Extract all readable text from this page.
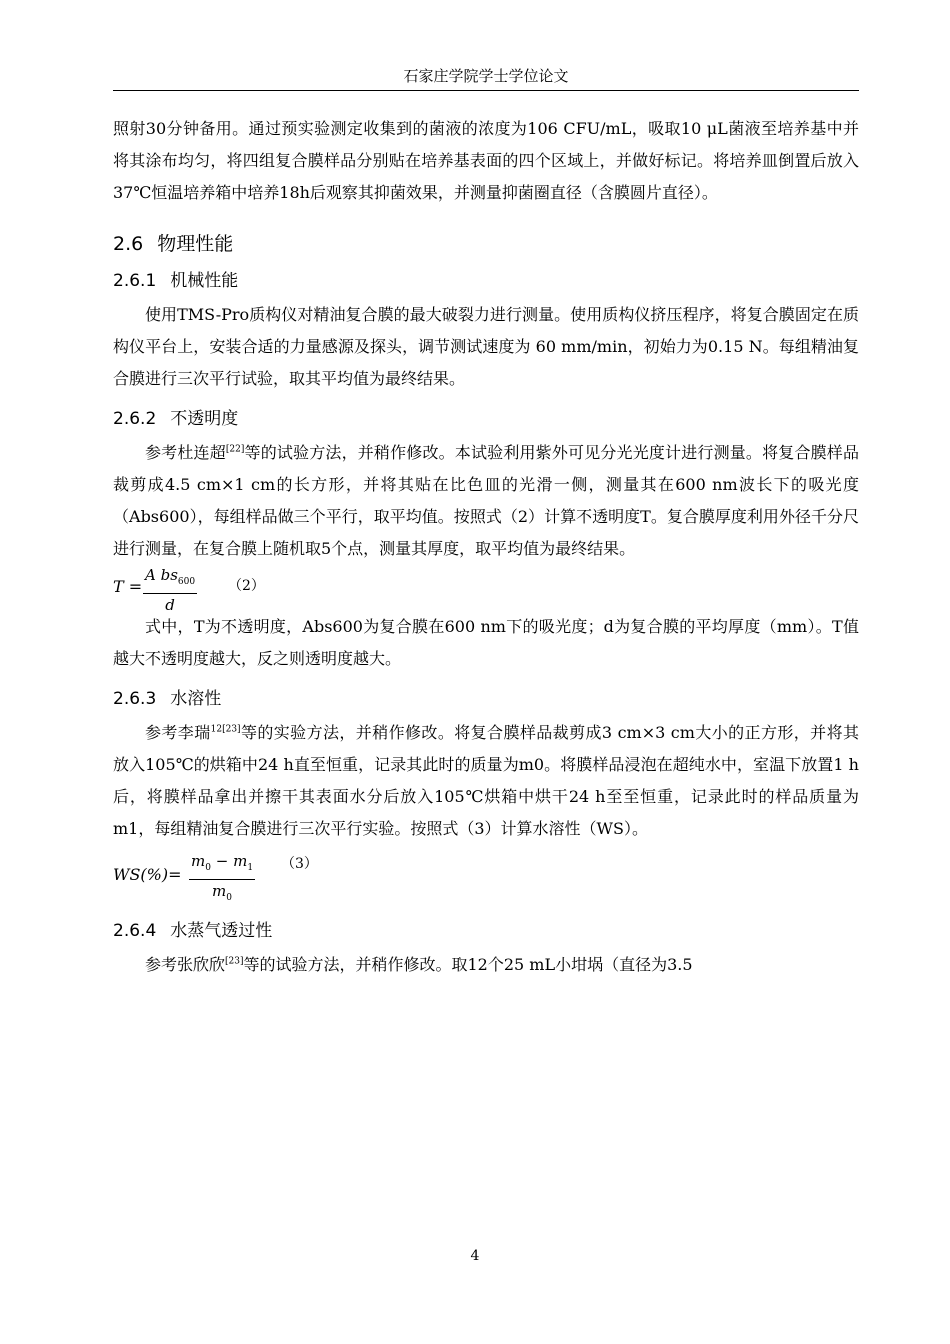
石家庄学院学士学位论文

照射30分钟备用。通过预实验测定收集到的菌液的浓度为106 CFU/mL，吸取10 μL菌液至培养基中并将其涂布均匀，将四组复合膜样品分别贴在培养基表面的四个区域上，并做好标记。将培养皿倒置后放入37℃恒温培养箱中培养18h后观察其抑菌效果，并测量抑菌圈直径（含膜圆片直径）。

2.6 物理性能
2.6.1 机械性能

使用TMS-Pro质构仪对精油复合膜的最大破裂力进行测量。使用质构仪挤压程序，将复合膜固定在质构仪平台上，安装合适的力量感源及探头，调节测试速度为 60 mm/min，初始力为0.15 N。每组精油复合膜进行三次平行试验，取其平均值为最终结果。

2.6.2 不透明度

参考杜连超[22]等的试验方法，并稍作修改。本试验利用紫外可见分光光度计进行测量。将复合膜样品裁剪成4.5 cm×1 cm的长方形，并将其贴在比色皿的光滑一侧，测量其在600 nm波长下的吸光度（Abs600），每组样品做三个平行，取平均值。按照式（2）计算不透明度T。复合膜厚度利用外径千分尺进行测量，在复合膜上随机取5个点，测量其厚度，取平均值为最终结果。

$T = \frac{A bs_{600}}{d} (2)$

式中，T为不透明度，Abs600为复合膜在600 nm下的吸光度；d为复合膜的平均厚度（mm）。T值越大不透明度越大，反之则透明度越大。

2.6.3 水溶性

参考李瑞$^{12[23]}$等的实验方法，并稍作修改。将复合膜样品裁剪成3 cm×3 cm大小的正方形，并将其放入105℃的烘箱中24 h直至恒重，记录其此时的质量为m0。将膜样品浸泡在超纯水中，室温下放置1 h后，将膜样品拿出并擦干其表面水分后放入105℃烘箱中烘干24 h至至恒重，记录此时的样品质量为m1，每组精油复合膜进行三次平行实验。按照式（3）计算水溶性（WS）。

$WS(\%)= \frac{m_0 - m_1}{m_0} (3)$
2.6.4 水蒸气透过性

参考张欣欣[23]等的试验方法，并稍作修改。取12个25 mL小坩埚（直径为3.5

4
